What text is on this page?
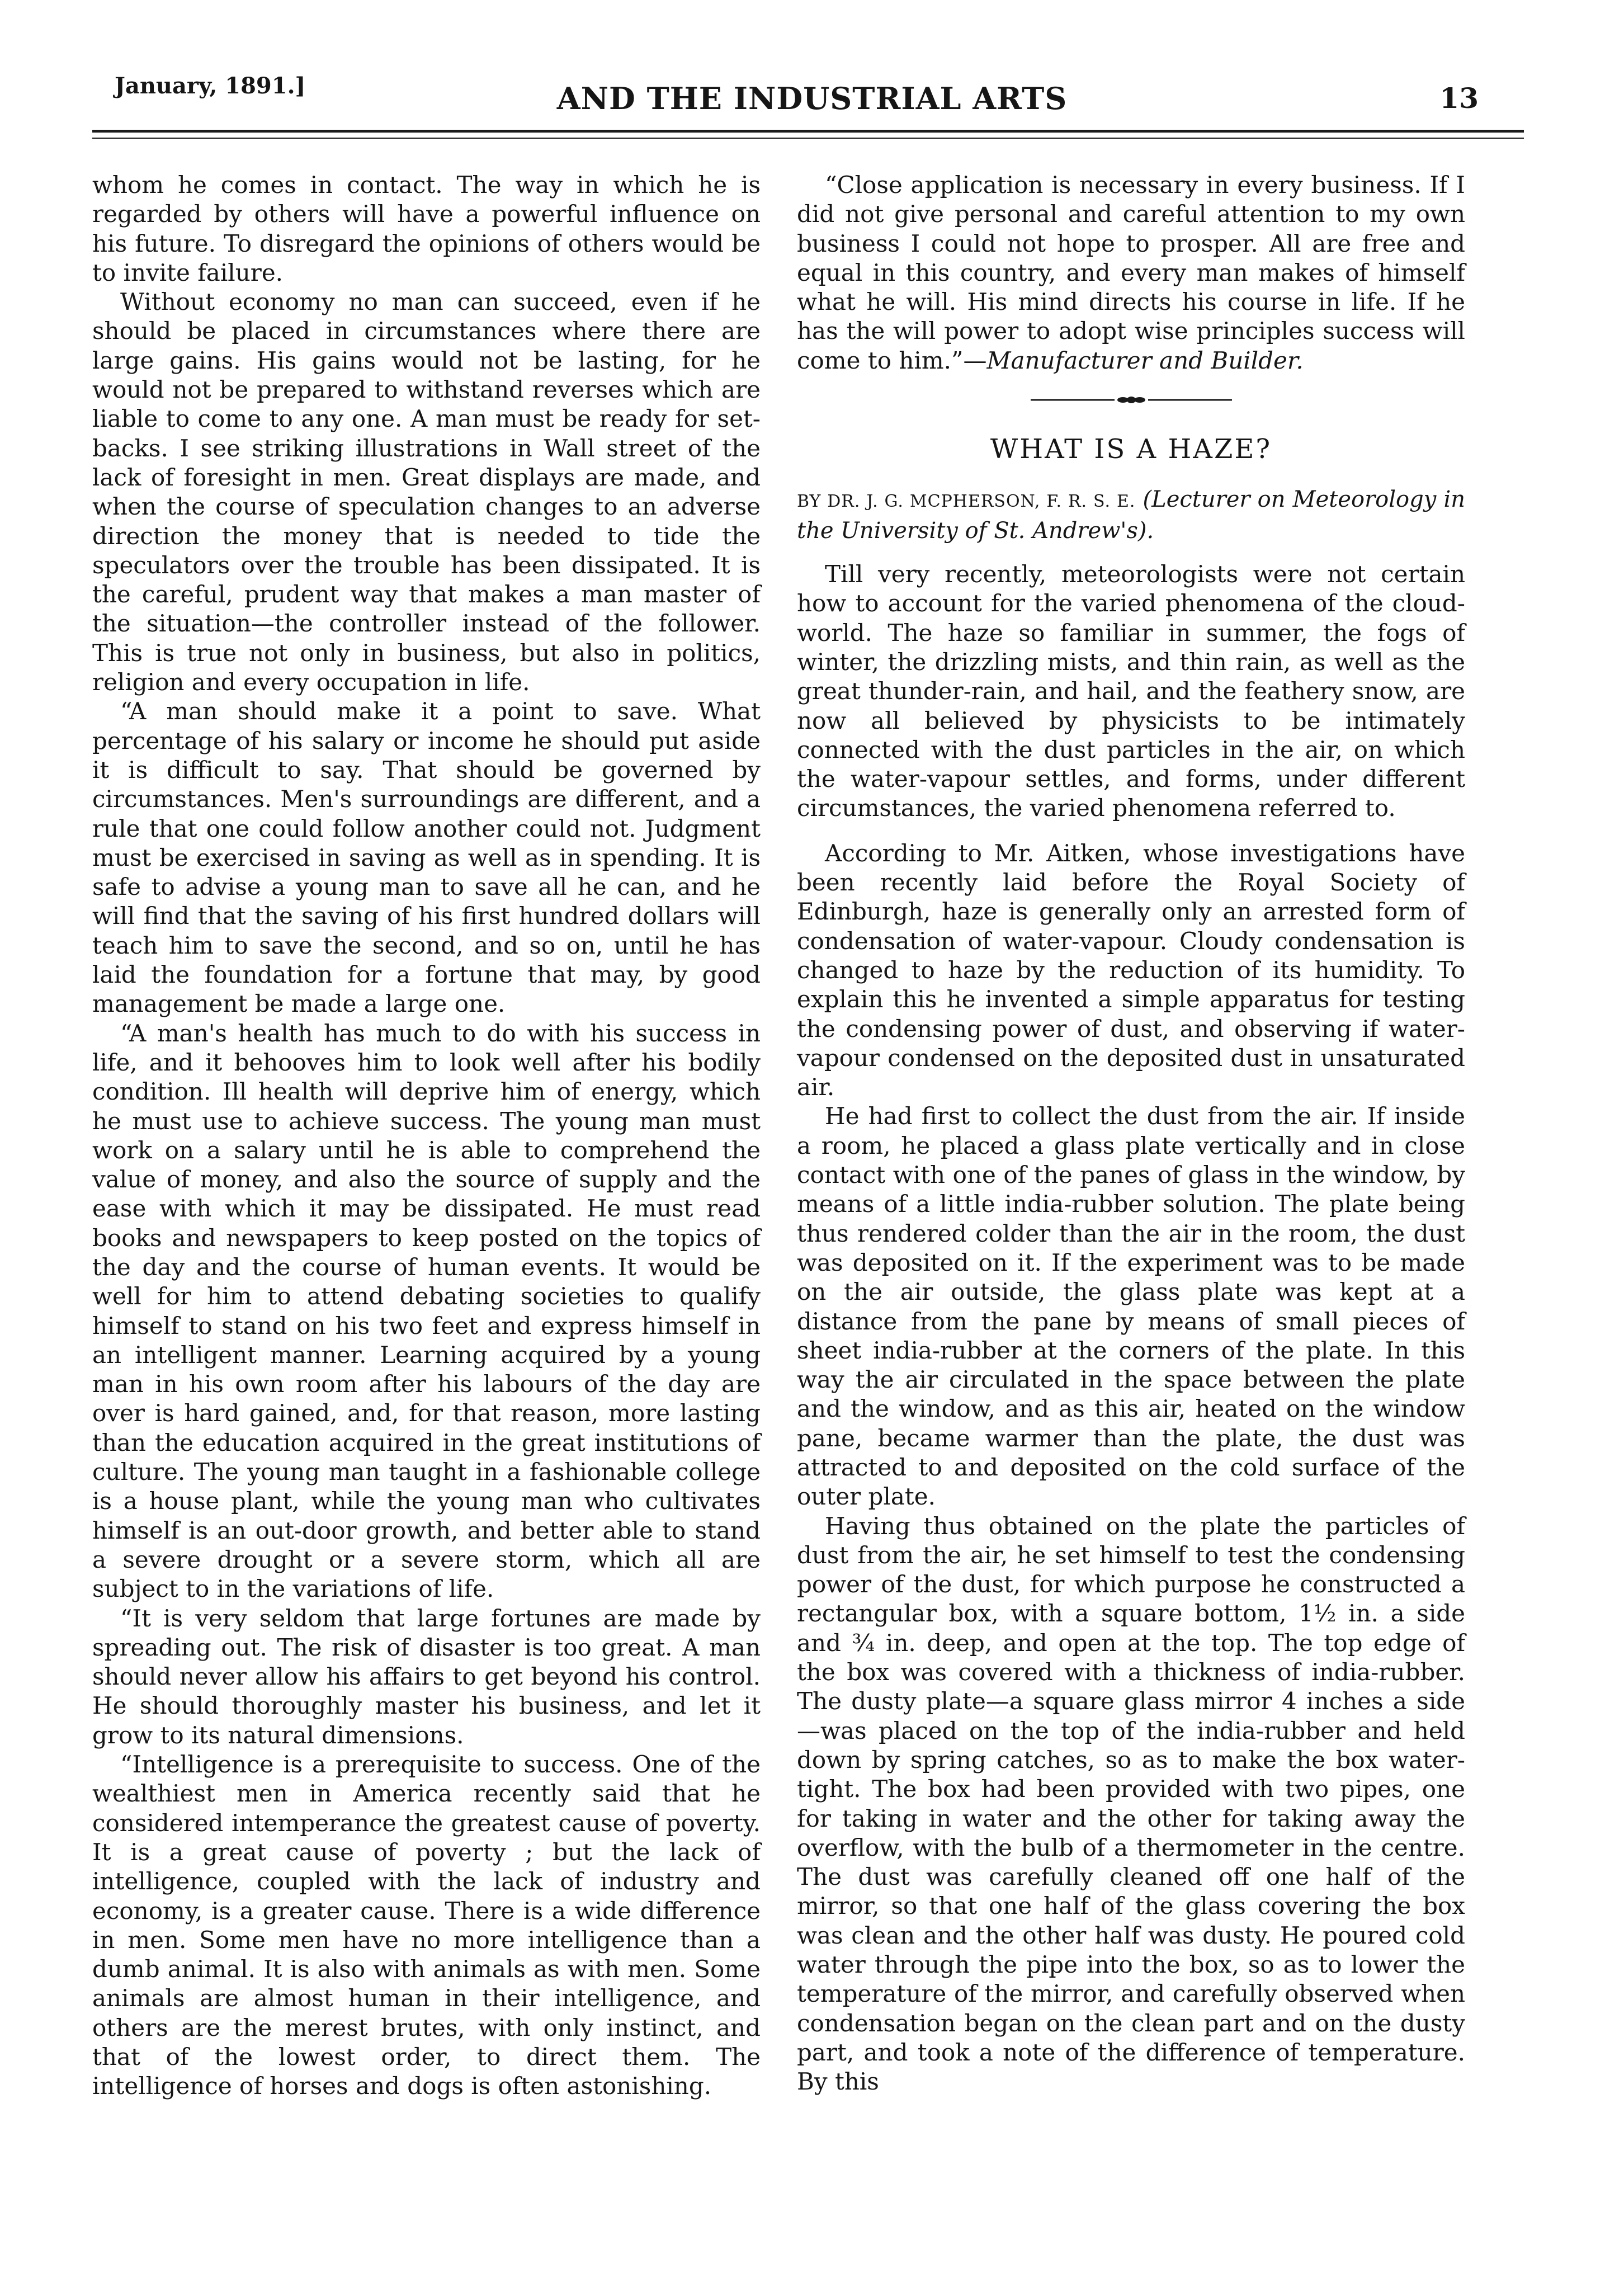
January, 1891.]	AND THE INDUSTRIAL ARTS	13

whom he comes in contact. The way in which he is regarded by others will have a powerful influence on his future. To disregard the opinions of others would be to invite failure.

Without economy no man can succeed, even if he should be placed in circumstances where there are large gains. His gains would not be lasting, for he would not be prepared to withstand reverses which are liable to come to any one. A man must be ready for set-backs. I see striking illustrations in Wall street of the lack of foresight in men. Great displays are made, and when the course of speculation changes to an adverse direction the money that is needed to tide the speculators over the trouble has been dissipated. It is the careful, prudent way that makes a man master of the situation—the controller instead of the follower. This is true not only in business, but also in politics, religion and every occupation in life.

“A man should make it a point to save. What percentage of his salary or income he should put aside it is difficult to say. That should be governed by circumstances. Men's surroundings are different, and a rule that one could follow another could not. Judgment must be exercised in saving as well as in spending. It is safe to advise a young man to save all he can, and he will find that the saving of his first hundred dollars will teach him to save the second, and so on, until he has laid the foundation for a fortune that may, by good management be made a large one.

“A man's health has much to do with his success in life, and it behooves him to look well after his bodily condition. Ill health will deprive him of energy, which he must use to achieve success. The young man must work on a salary until he is able to comprehend the value of money, and also the source of supply and the ease with which it may be dissipated. He must read books and newspapers to keep posted on the topics of the day and the course of human events. It would be well for him to attend debating societies to qualify himself to stand on his two feet and express himself in an intelligent manner. Learning acquired by a young man in his own room after his labours of the day are over is hard gained, and, for that reason, more lasting than the education acquired in the great institutions of culture. The young man taught in a fashionable college is a house plant, while the young man who cultivates himself is an out-door growth, and better able to stand a severe drought or a severe storm, which all are subject to in the variations of life.

“It is very seldom that large fortunes are made by spreading out. The risk of disaster is too great. A man should never allow his affairs to get beyond his control. He should thoroughly master his business, and let it grow to its natural dimensions.

“Intelligence is a prerequisite to success. One of the wealthiest men in America recently said that he considered intemperance the greatest cause of poverty. It is a great cause of poverty ; but the lack of intelligence, coupled with the lack of industry and economy, is a greater cause. There is a wide difference in men. Some men have no more intelligence than a dumb animal. It is also with animals as with men. Some animals are almost human in their intelligence, and others are the merest brutes, with only instinct, and that of the lowest order, to direct them. The intelligence of horses and dogs is often astonishing.

“Close application is necessary in every business. If I did not give personal and careful attention to my own business I could not hope to prosper. All are free and equal in this country, and every man makes of himself what he will. His mind directs his course in life. If he has the will power to adopt wise principles success will come to him.”—Manufacturer and Builder.

WHAT IS A HAZE?

BY DR. J. G. MCPHERSON, F. R. S. E. (Lecturer on Meteorology in the University of St. Andrew's).

Till very recently, meteorologists were not certain how to account for the varied phenomena of the cloud-world. The haze so familiar in summer, the fogs of winter, the drizzling mists, and thin rain, as well as the great thunder-rain, and hail, and the feathery snow, are now all believed by physicists to be intimately connected with the dust particles in the air, on which the water-vapour settles, and forms, under different circumstances, the varied phenomena referred to.

According to Mr. Aitken, whose investigations have been recently laid before the Royal Society of Edinburgh, haze is generally only an arrested form of condensation of water-vapour. Cloudy condensation is changed to haze by the reduction of its humidity. To explain this he invented a simple apparatus for testing the condensing power of dust, and observing if water-vapour condensed on the deposited dust in unsaturated air.

He had first to collect the dust from the air. If inside a room, he placed a glass plate vertically and in close contact with one of the panes of glass in the window, by means of a little india-rubber solution. The plate being thus rendered colder than the air in the room, the dust was deposited on it. If the experiment was to be made on the air outside, the glass plate was kept at a distance from the pane by means of small pieces of sheet india-rubber at the corners of the plate. In this way the air circulated in the space between the plate and the window, and as this air, heated on the window pane, became warmer than the plate, the dust was attracted to and deposited on the cold surface of the outer plate.

Having thus obtained on the plate the particles of dust from the air, he set himself to test the condensing power of the dust, for which purpose he constructed a rectangular box, with a square bottom, 1½ in. a side and ¾ in. deep, and open at the top. The top edge of the box was covered with a thickness of india-rubber. The dusty plate—a square glass mirror 4 inches a side—was placed on the top of the india-rubber and held down by spring catches, so as to make the box water-tight. The box had been provided with two pipes, one for taking in water and the other for taking away the overflow, with the bulb of a thermometer in the centre. The dust was carefully cleaned off one half of the mirror, so that one half of the glass covering the box was clean and the other half was dusty. He poured cold water through the pipe into the box, so as to lower the temperature of the mirror, and carefully observed when condensation began on the clean part and on the dusty part, and took a note of the difference of temperature. By this
